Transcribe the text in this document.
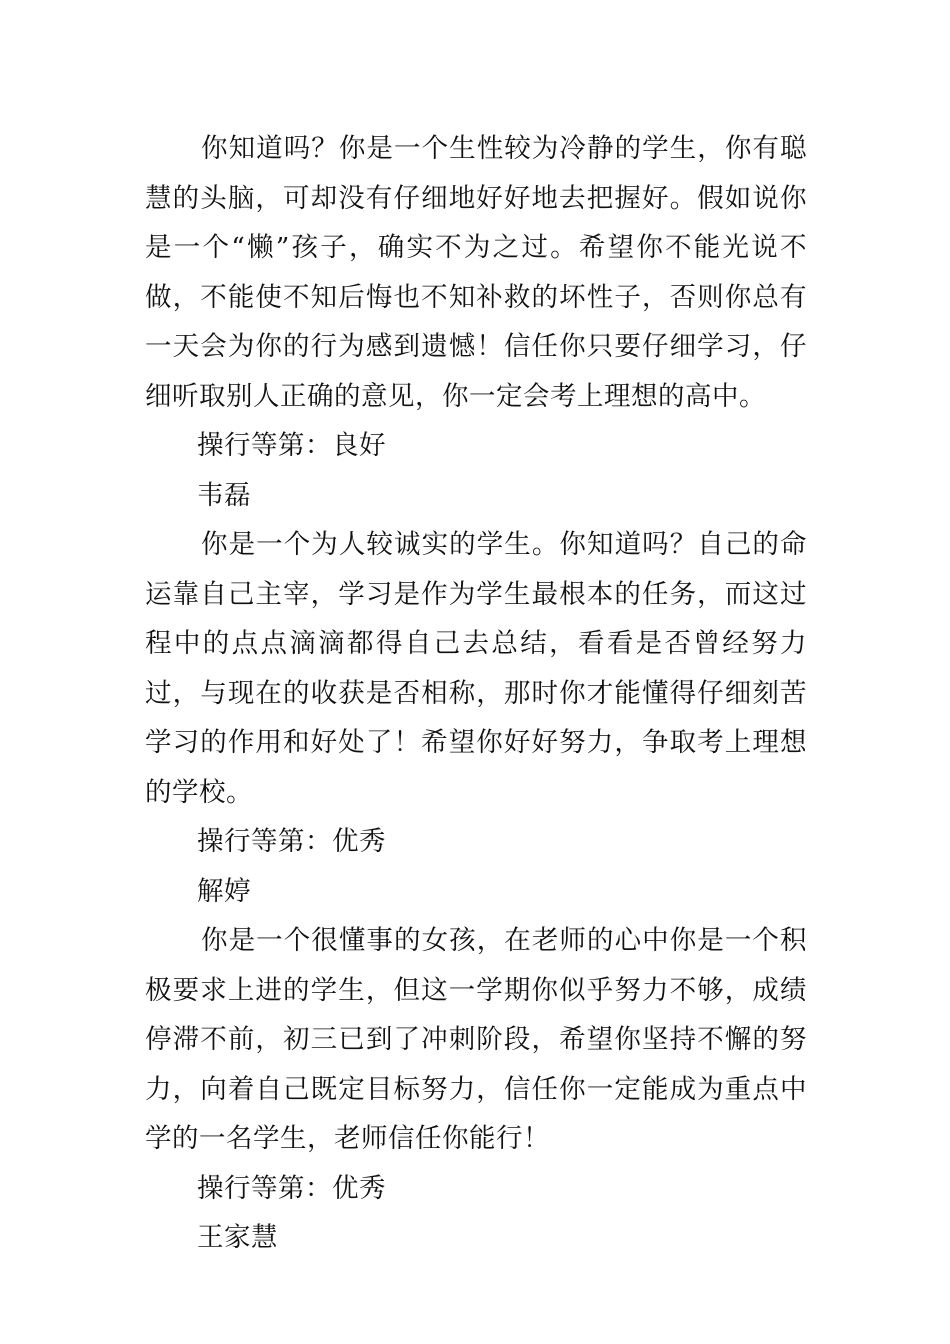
你知道吗？你是一个生性较为冷静的学生，你有聪慧的头脑，可却没有仔细地好好地去把握好。假如说你是一个“懒”孩子，确实不为之过。希望你不能光说不做，不能使不知后悔也不知补救的坏性子，否则你总有一天会为你的行为感到遗憾！信任你只要仔细学习，仔细听取别人正确的意见，你一定会考上理想的高中。

操行等第：良好

韦磊

你是一个为人较诚实的学生。你知道吗？自己的命运靠自己主宰，学习是作为学生最根本的任务，而这过程中的点点滴滴都得自己去总结，看看是否曾经努力过，与现在的收获是否相称，那时你才能懂得仔细刻苦学习的作用和好处了！希望你好好努力，争取考上理想的学校。

操行等第：优秀

解婷

你是一个很懂事的女孩，在老师的心中你是一个积极要求上进的学生，但这一学期你似乎努力不够，成绩停滞不前，初三已到了冲刺阶段，希望你坚持不懈的努力，向着自己既定目标努力，信任你一定能成为重点中学的一名学生，老师信任你能行！

操行等第：优秀

王家慧
